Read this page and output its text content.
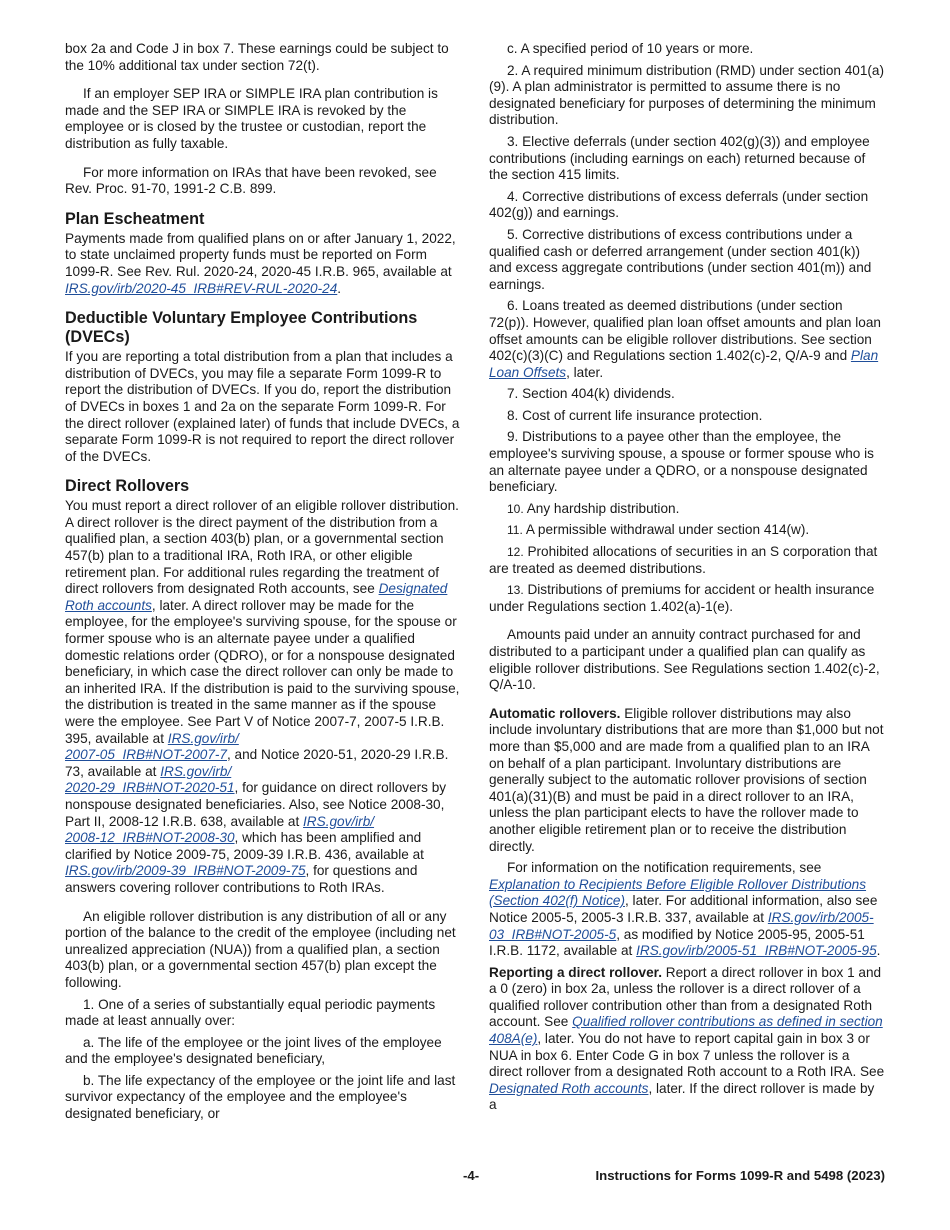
box 2a and Code J in box 7. These earnings could be subject to the 10% additional tax under section 72(t).

If an employer SEP IRA or SIMPLE IRA plan contribution is made and the SEP IRA or SIMPLE IRA is revoked by the employee or is closed by the trustee or custodian, report the distribution as fully taxable.

For more information on IRAs that have been revoked, see Rev. Proc. 91-70, 1991-2 C.B. 899.

Plan Escheatment

Payments made from qualified plans on or after January 1, 2022, to state unclaimed property funds must be reported on Form 1099-R. See Rev. Rul. 2020-24, 2020-45 I.R.B. 965, available at IRS.gov/irb/2020-45_IRB#REV-RUL-2020-24.

Deductible Voluntary Employee Contributions (DVECs)

If you are reporting a total distribution from a plan that includes a distribution of DVECs, you may file a separate Form 1099-R to report the distribution of DVECs. If you do, report the distribution of DVECs in boxes 1 and 2a on the separate Form 1099-R. For the direct rollover (explained later) of funds that include DVECs, a separate Form 1099-R is not required to report the direct rollover of the DVECs.

Direct Rollovers

You must report a direct rollover of an eligible rollover distribution. A direct rollover is the direct payment of the distribution from a qualified plan, a section 403(b) plan, or a governmental section 457(b) plan to a traditional IRA, Roth IRA, or other eligible retirement plan. For additional rules regarding the treatment of direct rollovers from designated Roth accounts, see Designated Roth accounts, later. A direct rollover may be made for the employee, for the employee's surviving spouse, for the spouse or former spouse who is an alternate payee under a qualified domestic relations order (QDRO), or for a nonspouse designated beneficiary, in which case the direct rollover can only be made to an inherited IRA. If the distribution is paid to the surviving spouse, the distribution is treated in the same manner as if the spouse were the employee. See Part V of Notice 2007-7, 2007-5 I.R.B. 395, available at IRS.gov/irb/
2007-05_IRB#NOT-2007-7, and Notice 2020-51, 2020-29 I.R.B. 73, available at IRS.gov/irb/
2020-29_IRB#NOT-2020-51, for guidance on direct rollovers by nonspouse designated beneficiaries. Also, see Notice 2008-30, Part II, 2008-12 I.R.B. 638, available at IRS.gov/irb/
2008-12_IRB#NOT-2008-30, which has been amplified and clarified by Notice 2009-75, 2009-39 I.R.B. 436, available at IRS.gov/irb/2009-39_IRB#NOT-2009-75, for questions and answers covering rollover contributions to Roth IRAs.

An eligible rollover distribution is any distribution of all or any portion of the balance to the credit of the employee (including net unrealized appreciation (NUA)) from a qualified plan, a section 403(b) plan, or a governmental section 457(b) plan except the following.

1. One of a series of substantially equal periodic payments made at least annually over:

a. The life of the employee or the joint lives of the employee and the employee's designated beneficiary,

b. The life expectancy of the employee or the joint life and last survivor expectancy of the employee and the employee's designated beneficiary, or

c. A specified period of 10 years or more.

2. A required minimum distribution (RMD) under section 401(a)(9). A plan administrator is permitted to assume there is no designated beneficiary for purposes of determining the minimum distribution.

3. Elective deferrals (under section 402(g)(3)) and employee contributions (including earnings on each) returned because of the section 415 limits.

4. Corrective distributions of excess deferrals (under section 402(g)) and earnings.

5. Corrective distributions of excess contributions under a qualified cash or deferred arrangement (under section 401(k)) and excess aggregate contributions (under section 401(m)) and earnings.

6. Loans treated as deemed distributions (under section 72(p)). However, qualified plan loan offset amounts and plan loan offset amounts can be eligible rollover distributions. See section 402(c)(3)(C) and Regulations section 1.402(c)-2, Q/A-9 and Plan Loan Offsets, later.

7. Section 404(k) dividends.

8. Cost of current life insurance protection.

9. Distributions to a payee other than the employee, the employee's surviving spouse, a spouse or former spouse who is an alternate payee under a QDRO, or a nonspouse designated beneficiary.

10. Any hardship distribution.

11. A permissible withdrawal under section 414(w).

12. Prohibited allocations of securities in an S corporation that are treated as deemed distributions.

13. Distributions of premiums for accident or health insurance under Regulations section 1.402(a)-1(e).

Amounts paid under an annuity contract purchased for and distributed to a participant under a qualified plan can qualify as eligible rollover distributions. See Regulations section 1.402(c)-2, Q/A-10.

Automatic rollovers. Eligible rollover distributions may also include involuntary distributions that are more than $1,000 but not more than $5,000 and are made from a qualified plan to an IRA on behalf of a plan participant. Involuntary distributions are generally subject to the automatic rollover provisions of section 401(a)(31)(B) and must be paid in a direct rollover to an IRA, unless the plan participant elects to have the rollover made to another eligible retirement plan or to receive the distribution directly.

For information on the notification requirements, see Explanation to Recipients Before Eligible Rollover Distributions (Section 402(f) Notice), later. For additional information, also see Notice 2005-5, 2005-3 I.R.B. 337, available at IRS.gov/irb/2005-03_IRB#NOT-2005-5, as modified by Notice 2005-95, 2005-51 I.R.B. 1172, available at IRS.gov/irb/2005-51_IRB#NOT-2005-95.

Reporting a direct rollover. Report a direct rollover in box 1 and a 0 (zero) in box 2a, unless the rollover is a direct rollover of a qualified rollover contribution other than from a designated Roth account. See Qualified rollover contributions as defined in section 408A(e), later. You do not have to report capital gain in box 3 or NUA in box 6. Enter Code G in box 7 unless the rollover is a direct rollover from a designated Roth account to a Roth IRA. See Designated Roth accounts, later. If the direct rollover is made by a

-4-	Instructions for Forms 1099-R and 5498 (2023)
